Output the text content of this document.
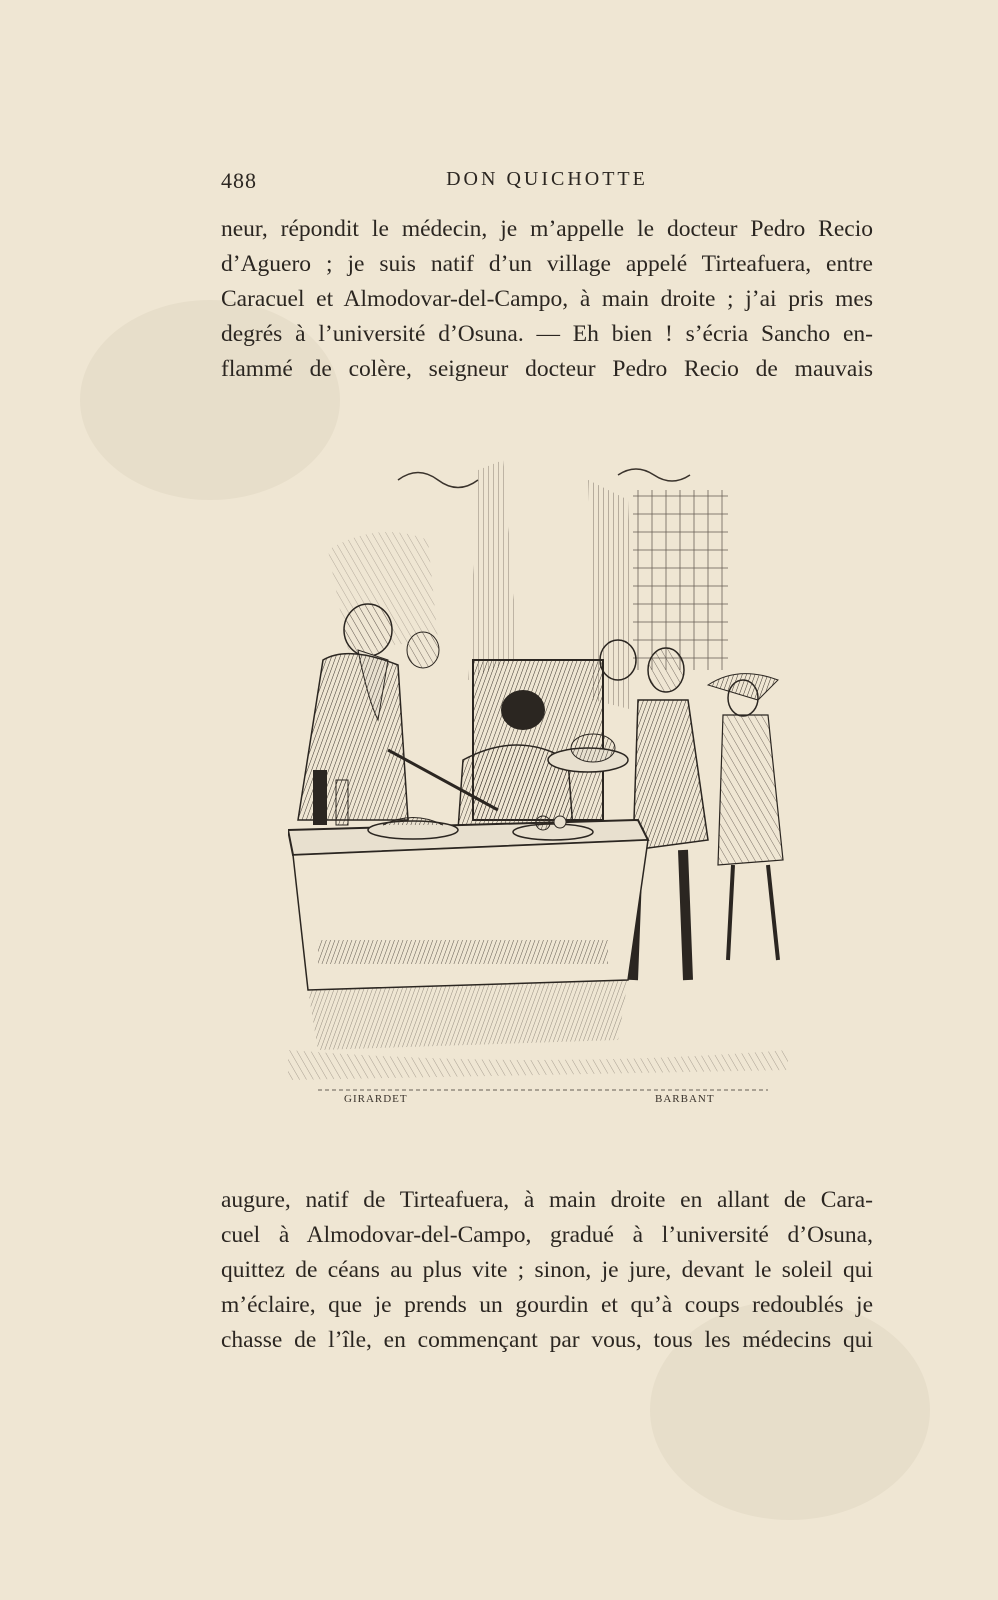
488	DON QUICHOTTE
neur, répondit le médecin, je m’appelle le docteur Pedro Recio
d’Aguero ; je suis natif d’un village appelé Tirteafuera, entre
Caracuel et Almodovar-del-Campo, à main droite ; j’ai pris mes
degrés à l’université d’Osuna. — Eh bien ! s’écria Sancho en-
flammé de colère, seigneur docteur Pedro Recio de mauvais
GIRARDET	BARBANT
augure, natif de Tirteafuera, à main droite en allant de Cara-
cuel à Almodovar-del-Campo, gradué à l’université d’Osuna,
quittez de céans au plus vite ; sinon, je jure, devant le soleil qui
m’éclaire, que je prends un gourdin et qu’à coups redoublés je
chasse de l’île, en commençant par vous, tous les médecins qui
